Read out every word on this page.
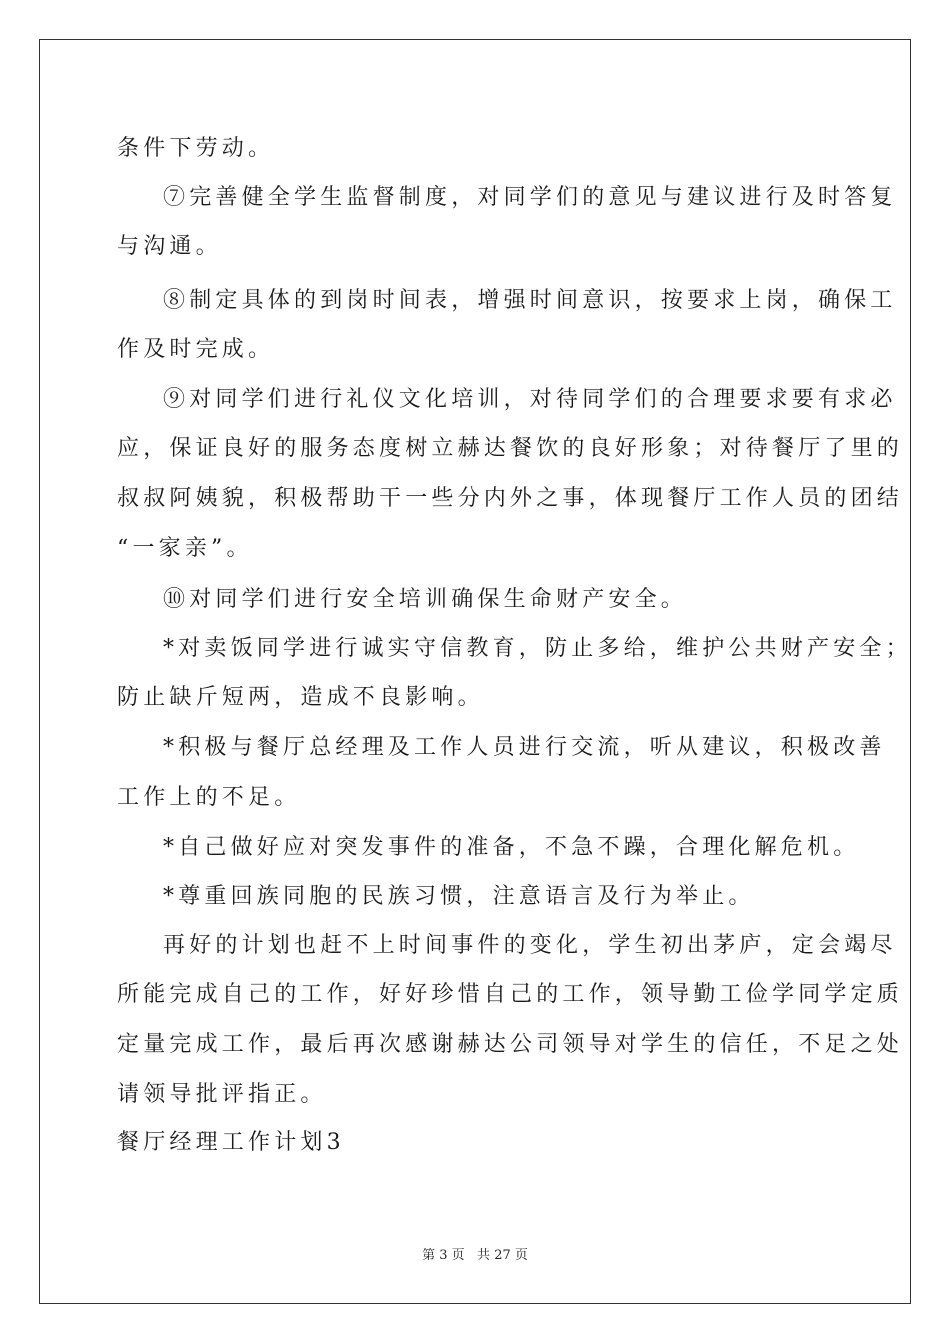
条件下劳动。
⑦完善健全学生监督制度，对同学们的意见与建议进行及时答复
与沟通。
⑧制定具体的到岗时间表，增强时间意识，按要求上岗，确保工
作及时完成。
⑨对同学们进行礼仪文化培训，对待同学们的合理要求要有求必
应，保证良好的服务态度树立赫达餐饮的良好形象；对待餐厅了里的
叔叔阿姨貌，积极帮助干一些分内外之事，体现餐厅工作人员的团结
“一家亲”。
⑩对同学们进行安全培训确保生命财产安全。
*对卖饭同学进行诚实守信教育，防止多给，维护公共财产安全；
防止缺斤短两，造成不良影响。
*积极与餐厅总经理及工作人员进行交流，听从建议，积极改善
工作上的不足。
*自己做好应对突发事件的准备，不急不躁，合理化解危机。
*尊重回族同胞的民族习惯，注意语言及行为举止。
再好的计划也赶不上时间事件的变化，学生初出茅庐，定会竭尽
所能完成自己的工作，好好珍惜自己的工作，领导勤工俭学同学定质
定量完成工作，最后再次感谢赫达公司领导对学生的信任，不足之处
请领导批评指正。
餐厅经理工作计划3
第 3 页   共 27 页
